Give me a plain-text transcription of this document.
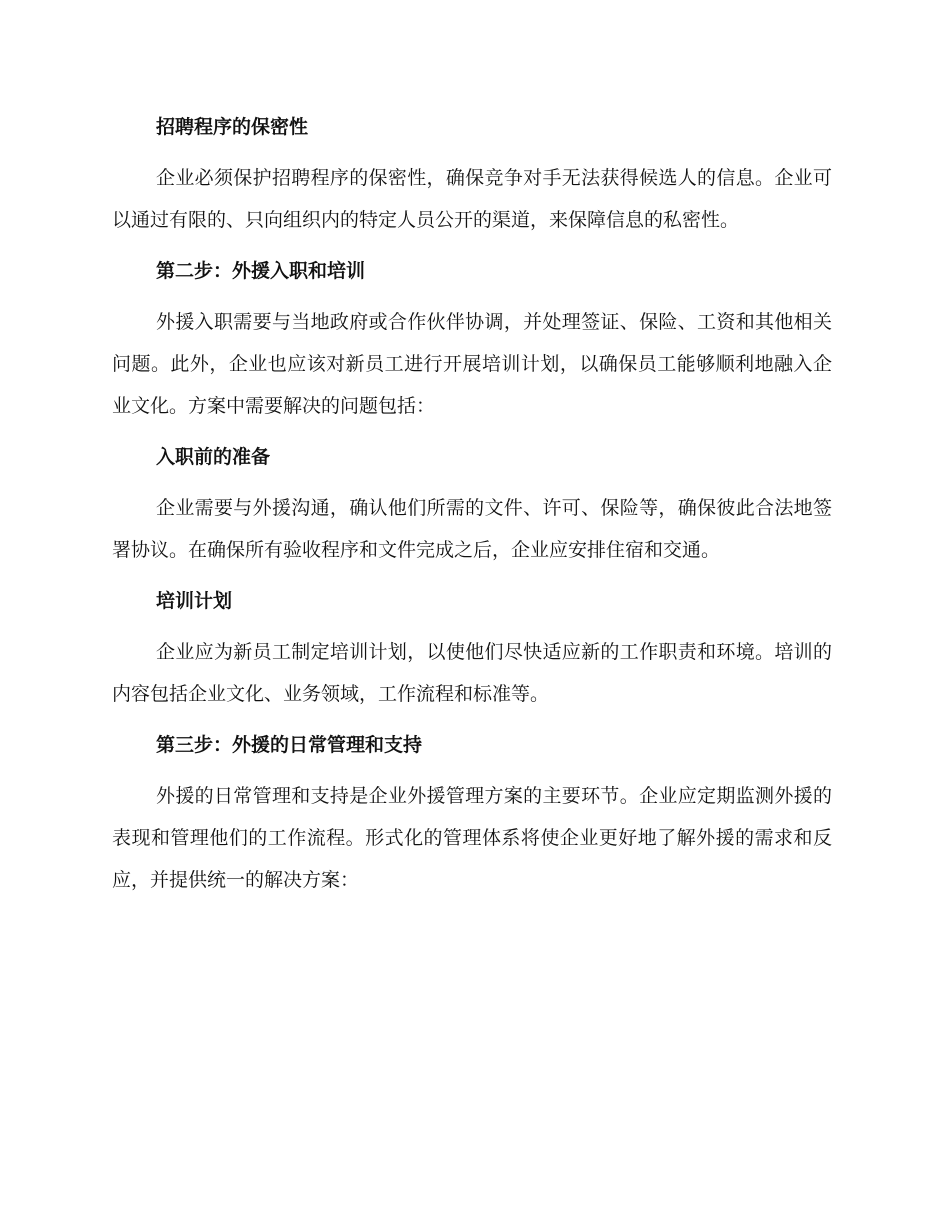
招聘程序的保密性

企业必须保护招聘程序的保密性，确保竞争对手无法获得候选人的信息。企业可以通过有限的、只向组织内的特定人员公开的渠道，来保障信息的私密性。

第二步：外援入职和培训

外援入职需要与当地政府或合作伙伴协调，并处理签证、保险、工资和其他相关问题。此外，企业也应该对新员工进行开展培训计划，以确保员工能够顺利地融入企业文化。方案中需要解决的问题包括：

入职前的准备

企业需要与外援沟通，确认他们所需的文件、许可、保险等，确保彼此合法地签署协议。在确保所有验收程序和文件完成之后，企业应安排住宿和交通。

培训计划

企业应为新员工制定培训计划，以使他们尽快适应新的工作职责和环境。培训的内容包括企业文化、业务领域，工作流程和标准等。

第三步：外援的日常管理和支持

外援的日常管理和支持是企业外援管理方案的主要环节。企业应定期监测外援的表现和管理他们的工作流程。形式化的管理体系将使企业更好地了解外援的需求和反应，并提供统一的解决方案：
